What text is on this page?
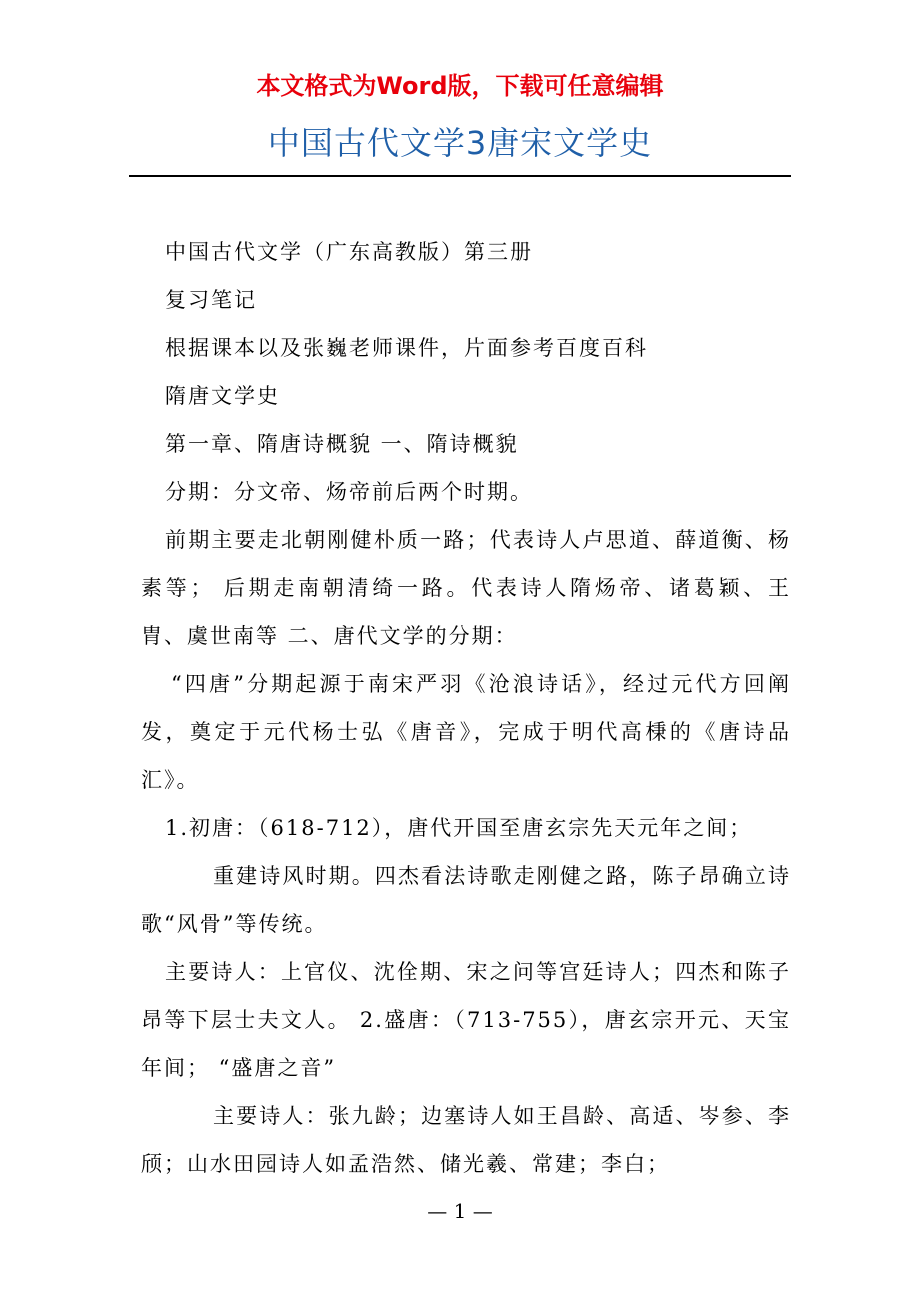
本文格式为Word版，下载可任意编辑
中国古代文学3唐宋文学史

中国古代文学（广东高教版）第三册

复习笔记

根据课本以及张巍老师课件，片面参考百度百科

隋唐文学史

第一章、隋唐诗概貌 一、隋诗概貌

分期：分文帝、炀帝前后两个时期。

前期主要走北朝刚健朴质一路；代表诗人卢思道、薛道衡、杨素等； 后期走南朝清绮一路。代表诗人隋炀帝、诸葛颖、王胄、虞世南等 二、唐代文学的分期：

“四唐”分期起源于南宋严羽《沧浪诗话》，经过元代方回阐发，奠定于元代杨士弘《唐音》，完成于明代高棅的《唐诗品汇》。

1.初唐：（618-712），唐代开国至唐玄宗先天元年之间；

重建诗风时期。四杰看法诗歌走刚健之路，陈子昂确立诗歌“风骨”等传统。

主要诗人：上官仪、沈佺期、宋之问等宫廷诗人；四杰和陈子昂等下层士夫文人。 2.盛唐：（713-755），唐玄宗开元、天宝年间； “盛唐之音”

主要诗人：张九龄；边塞诗人如王昌龄、高适、岑参、李颀；山水田园诗人如孟浩然、储光羲、常建；李白；

— 1 —
